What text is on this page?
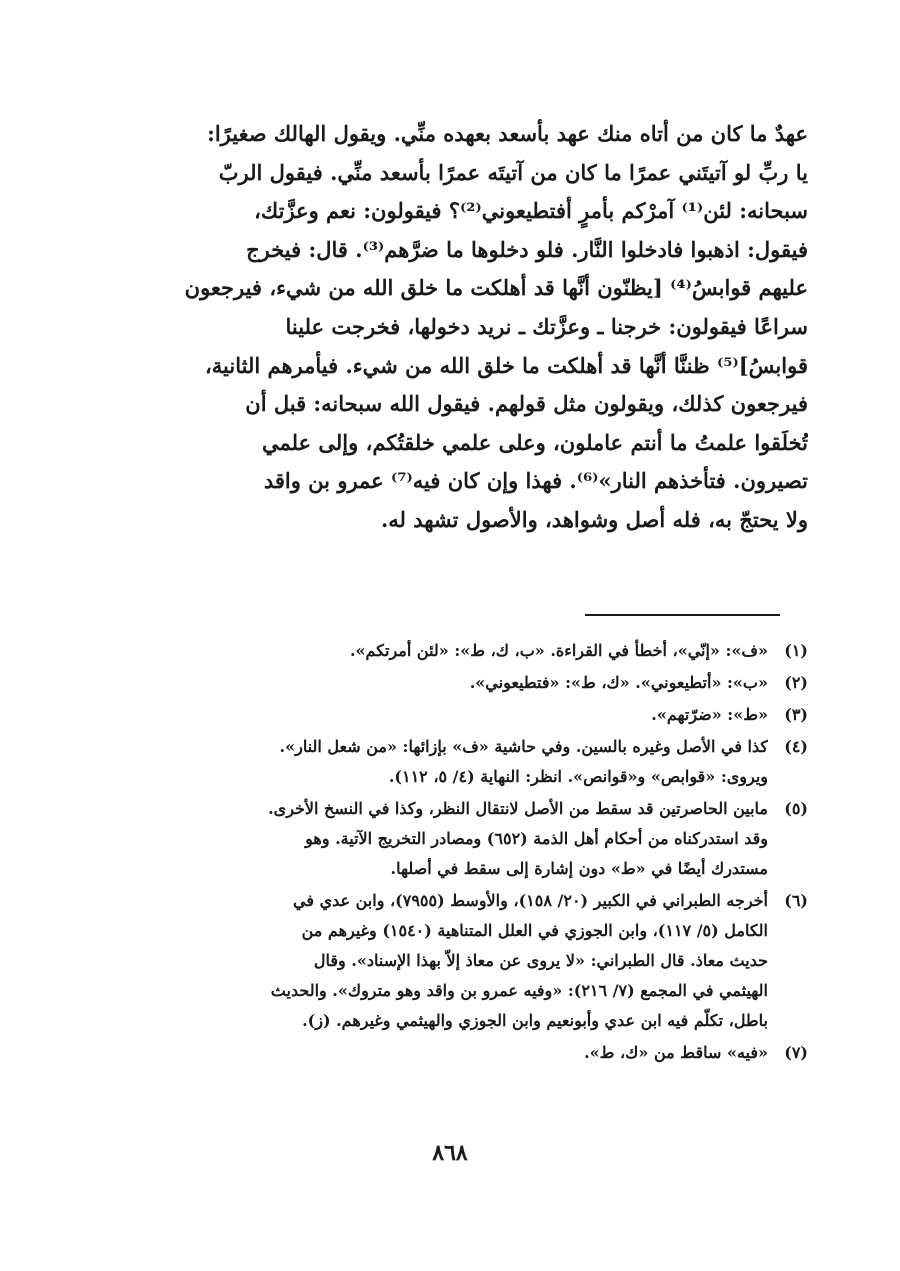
عهدٌ ما كان من أتاه منك عهد بأسعد بعهده منِّي. ويقول الهالك صغيرًا:
يا ربِّ لو آتيتَني عمرًا ما كان من آتيتَه عمرًا بأسعد منِّي. فيقول الربّ
سبحانه: لئن⁽¹⁾ آمرْكم بأمرٍ أفتطيعوني⁽²⁾؟ فيقولون: نعم وعزَّتك،
فيقول: اذهبوا فادخلوا النَّار. فلو دخلوها ما ضرَّهم⁽³⁾. قال: فيخرج
عليهم قوابسُ⁽⁴⁾ [يظنّون أنَّها قد أهلكت ما خلق الله من شيء، فيرجعون
سراعًا فيقولون: خرجنا ـ وعزَّتك ـ نريد دخولها، فخرجت علينا
قوابسُ]⁽⁵⁾ ظننَّا أنَّها قد أهلكت ما خلق الله من شيء. فيأمرهم الثانية،
فيرجعون كذلك، ويقولون مثل قولهم. فيقول الله سبحانه: قبل أن
تُخلَقوا علمتُ ما أنتم عاملون، وعلى علمي خلقتُكم، وإلى علمي
تصيرون. فتأخذهم النار»⁽⁶⁾. فهذا وإن كان فيه⁽⁷⁾ عمرو بن واقد
ولا يحتجّ به، فله أصل وشواهد، والأصول تشهد له.
(١)
«ف»: «إنّي»، أخطأ في القراءة. «ب، ك، ط»: «لئن أمرتكم».
(٢)
«ب»: «أتطيعوني». «ك، ط»: «فتطيعوني».
(٣)
«ط»: «ضرّتهم».
(٤)
كذا في الأصل وغيره بالسين. وفي حاشية «ف» بإزائها: «من شعل النار».
ويروى: «قوابص» و«قوانص». انظر: النهاية (٤/ ٥، ١١٢).
(٥)
مابين الحاصرتين قد سقط من الأصل لانتقال النظر، وكذا في النسخ الأخرى.
وقد استدركناه من أحكام أهل الذمة (٦٥٢) ومصادر التخريج الآتية. وهو
مستدرك أيضًا في «ط» دون إشارة إلى سقط في أصلها.
(٦)
أخرجه الطبراني في الكبير (٢٠/ ١٥٨)، والأوسط (٧٩٥٥)، وابن عدي في
الكامل (٥/ ١١٧)، وابن الجوزي في العلل المتناهية (١٥٤٠) وغيرهم من
حديث معاذ. قال الطبراني: «لا يروى عن معاذ إلاّ بهذا الإسناد». وقال
الهيثمي في المجمع (٧/ ٢١٦): «وفيه عمرو بن واقد وهو متروك». والحديث
باطل، تكلّم فيه ابن عدي وأبونعيم وابن الجوزي والهيثمي وغيرهم. (ز).
(٧)
«فيه» ساقط من «ك، ط».
٨٦٨
